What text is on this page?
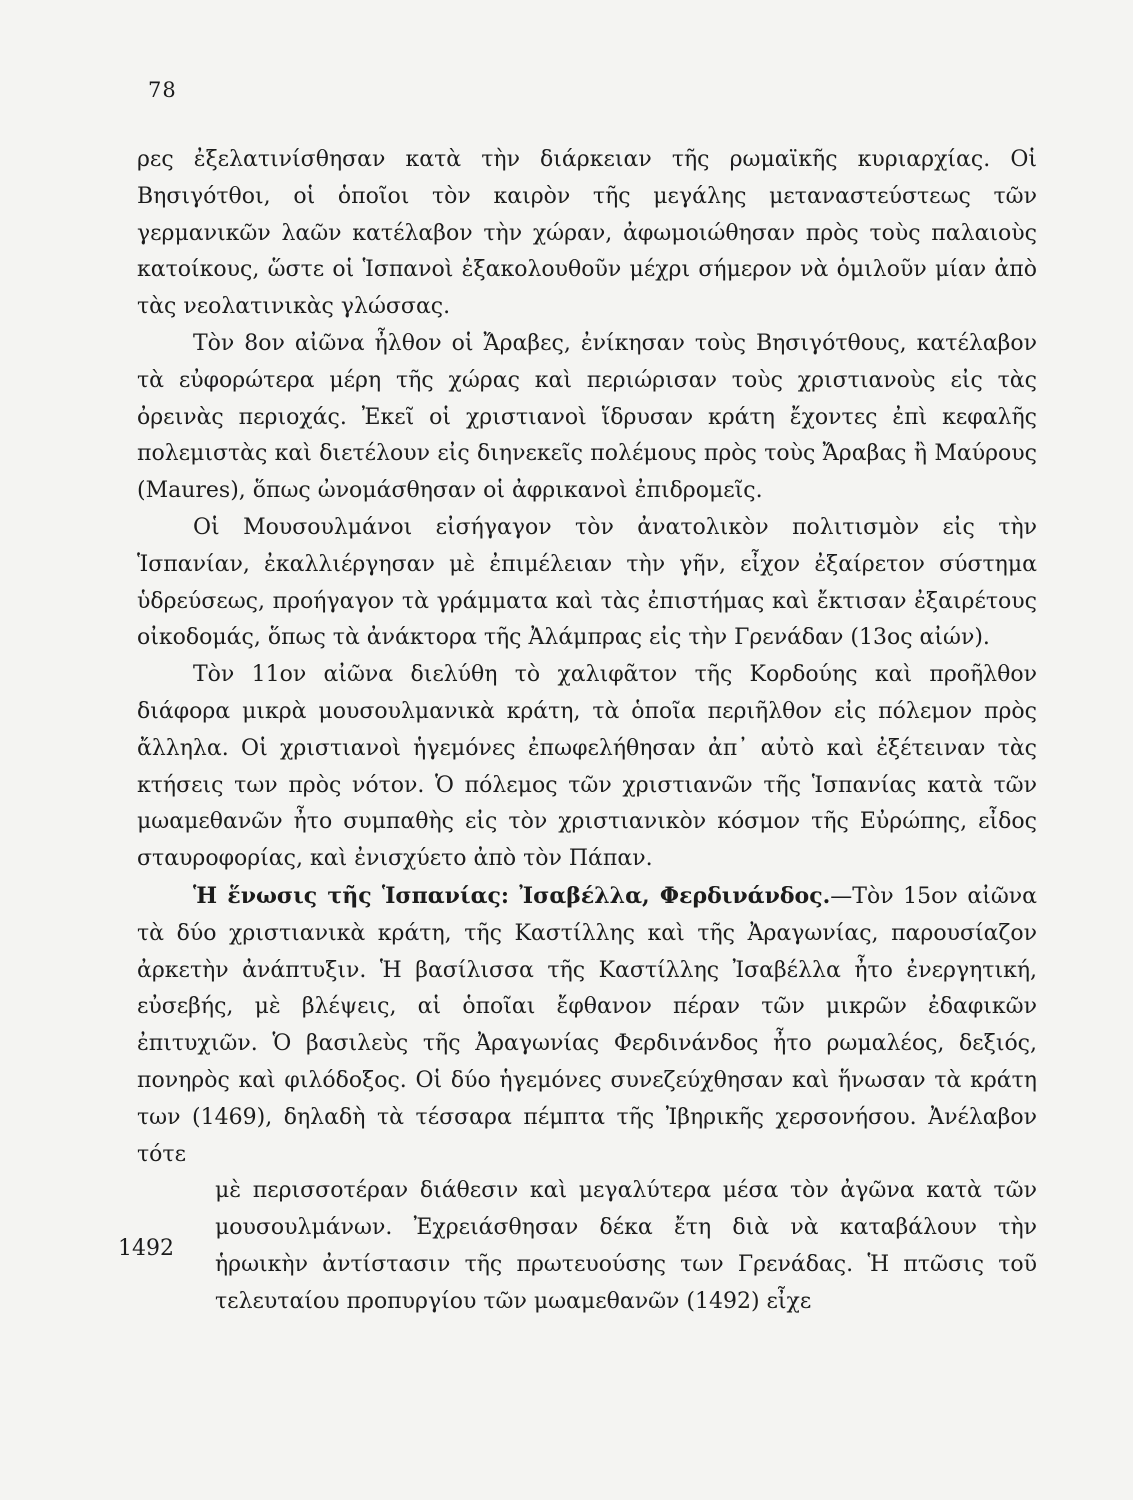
78

ρες ἐξελατινίσθησαν κατὰ τὴν διάρκειαν τῆς ρωμαϊκῆς κυριαρχίας. Οἱ Βησιγότθοι, οἱ ὁποῖοι τὸν καιρὸν τῆς μεγάλης μεταναστεύστεως τῶν γερμανικῶν λαῶν κατέλαβον τὴν χώραν, ἀφωμοιώθησαν πρὸς τοὺς παλαιοὺς κατοίκους, ὥστε οἱ Ἱσπανοὶ ἐξακολουθοῦν μέχρι σήμερον νὰ ὁμιλοῦν μίαν ἀπὸ τὰς νεολατινικὰς γλώσσας.

Τὸν 8ον αἰῶνα ἦλθον οἱ Ἄραβες, ἐνίκησαν τοὺς Βησιγότθους, κατέλαβον τὰ εὐφορώτερα μέρη τῆς χώρας καὶ περιώρισαν τοὺς χριστιανοὺς εἰς τὰς ὀρεινὰς περιοχάς. Ἐκεῖ οἱ χριστιανοὶ ἵδρυσαν κράτη ἔχοντες ἐπὶ κεφαλῆς πολεμιστὰς καὶ διετέλουν εἰς διηνεκεῖς πολέμους πρὸς τοὺς Ἄραβας ἢ Μαύρους (Maures), ὅπως ὠνομάσθησαν οἱ ἀφρικανοὶ ἐπιδρομεῖς.

Οἱ Μουσουλμάνοι εἰσήγαγον τὸν ἀνατολικὸν πολιτισμὸν εἰς τὴν Ἱσπανίαν, ἐκαλλιέργησαν μὲ ἐπιμέλειαν τὴν γῆν, εἶχον ἐξαίρετον σύστημα ὑδρεύσεως, προήγαγον τὰ γράμματα καὶ τὰς ἐπιστήμας καὶ ἔκτισαν ἐξαιρέτους οἰκοδομάς, ὅπως τὰ ἀνάκτορα τῆς Ἀλάμπρας εἰς τὴν Γρενάδαν (13ος αἰών).

Τὸν 11ον αἰῶνα διελύθη τὸ χαλιφᾶτον τῆς Κορδούης καὶ προῆλθον διάφορα μικρὰ μουσουλμανικὰ κράτη, τὰ ὁποῖα περιῆλθον εἰς πόλεμον πρὸς ἄλληλα. Οἱ χριστιανοὶ ἡγεμόνες ἐπωφελήθησαν ἀπ᾽ αὐτὸ καὶ ἐξέτειναν τὰς κτήσεις των πρὸς νότον. Ὁ πόλεμος τῶν χριστιανῶν τῆς Ἱσπανίας κατὰ τῶν μωαμεθανῶν ἦτο συμπαθὴς εἰς τὸν χριστιανικὸν κόσμον τῆς Εὐρώπης, εἶδος σταυροφορίας, καὶ ἐνισχύετο ἀπὸ τὸν Πάπαν.

Ἡ ἕνωσις τῆς Ἱσπανίας: Ἰσαβέλλα, Φερδινάνδος.—Τὸν 15ον αἰῶνα τὰ δύο χριστιανικὰ κράτη, τῆς Καστίλλης καὶ τῆς Ἀραγωνίας, παρουσίαζον ἀρκετὴν ἀνάπτυξιν. Ἡ βασίλισσα τῆς Καστίλλης Ἰσαβέλλα ἦτο ἐνεργητική, εὐσεβής, μὲ βλέψεις, αἱ ὁποῖαι ἔφθανον πέραν τῶν μικρῶν ἐδαφικῶν ἐπιτυχιῶν. Ὁ βασιλεὺς τῆς Ἀραγωνίας Φερδινάνδος ἦτο ρωμαλέος, δεξιός, πονηρὸς καὶ φιλόδοξος. Οἱ δύο ἡγεμόνες συνεζεύχθησαν καὶ ἥνωσαν τὰ κράτη των (1469), δηλαδὴ τὰ τέσσαρα πέμπτα τῆς Ἰβηρικῆς χερσονήσου. Ἀνέλαβον τότε

μὲ περισσοτέραν διάθεσιν καὶ μεγαλύτερα μέσα τὸν ἀγῶνα κατὰ τῶν μουσουλμάνων. Ἐχρειάσθησαν δέκα ἔτη διὰ νὰ καταβάλουν τὴν ἡρωικὴν ἀντίστασιν τῆς πρωτευούσης των Γρενάδας. Ἡ πτῶσις τοῦ τελευταίου προπυργίου τῶν μωαμεθανῶν (1492) εἶχε

1492
